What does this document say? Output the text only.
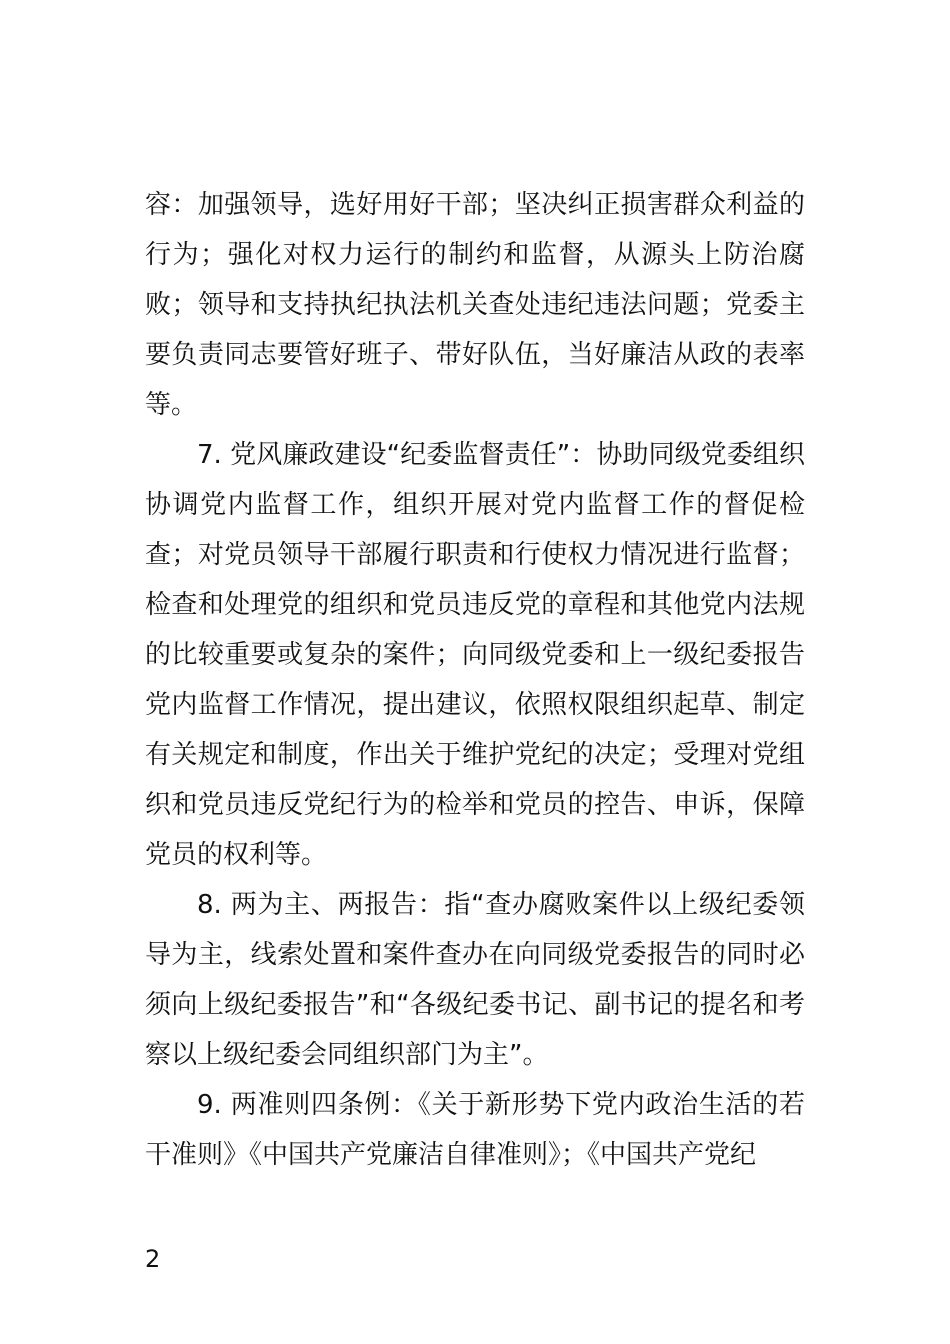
容：加强领导，选好用好干部；坚决纠正损害群众利益的行为；强化对权力运行的制约和监督，从源头上防治腐败；领导和支持执纪执法机关查处违纪违法问题；党委主要负责同志要管好班子、带好队伍，当好廉洁从政的表率等。

7. 党风廉政建设“纪委监督责任”：协助同级党委组织协调党内监督工作，组织开展对党内监督工作的督促检查；对党员领导干部履行职责和行使权力情况进行监督；检查和处理党的组织和党员违反党的章程和其他党内法规的比较重要或复杂的案件；向同级党委和上一级纪委报告党内监督工作情况，提出建议，依照权限组织起草、制定有关规定和制度，作出关于维护党纪的决定；受理对党组织和党员违反党纪行为的检举和党员的控告、申诉，保障党员的权利等。

8. 两为主、两报告：指“查办腐败案件以上级纪委领导为主，线索处置和案件查办在向同级党委报告的同时必须向上级纪委报告”和“各级纪委书记、副书记的提名和考察以上级纪委会同组织部门为主”。

9. 两准则四条例：《关于新形势下党内政治生活的若干准则》《中国共产党廉洁自律准则》；《中国共产党纪

2
